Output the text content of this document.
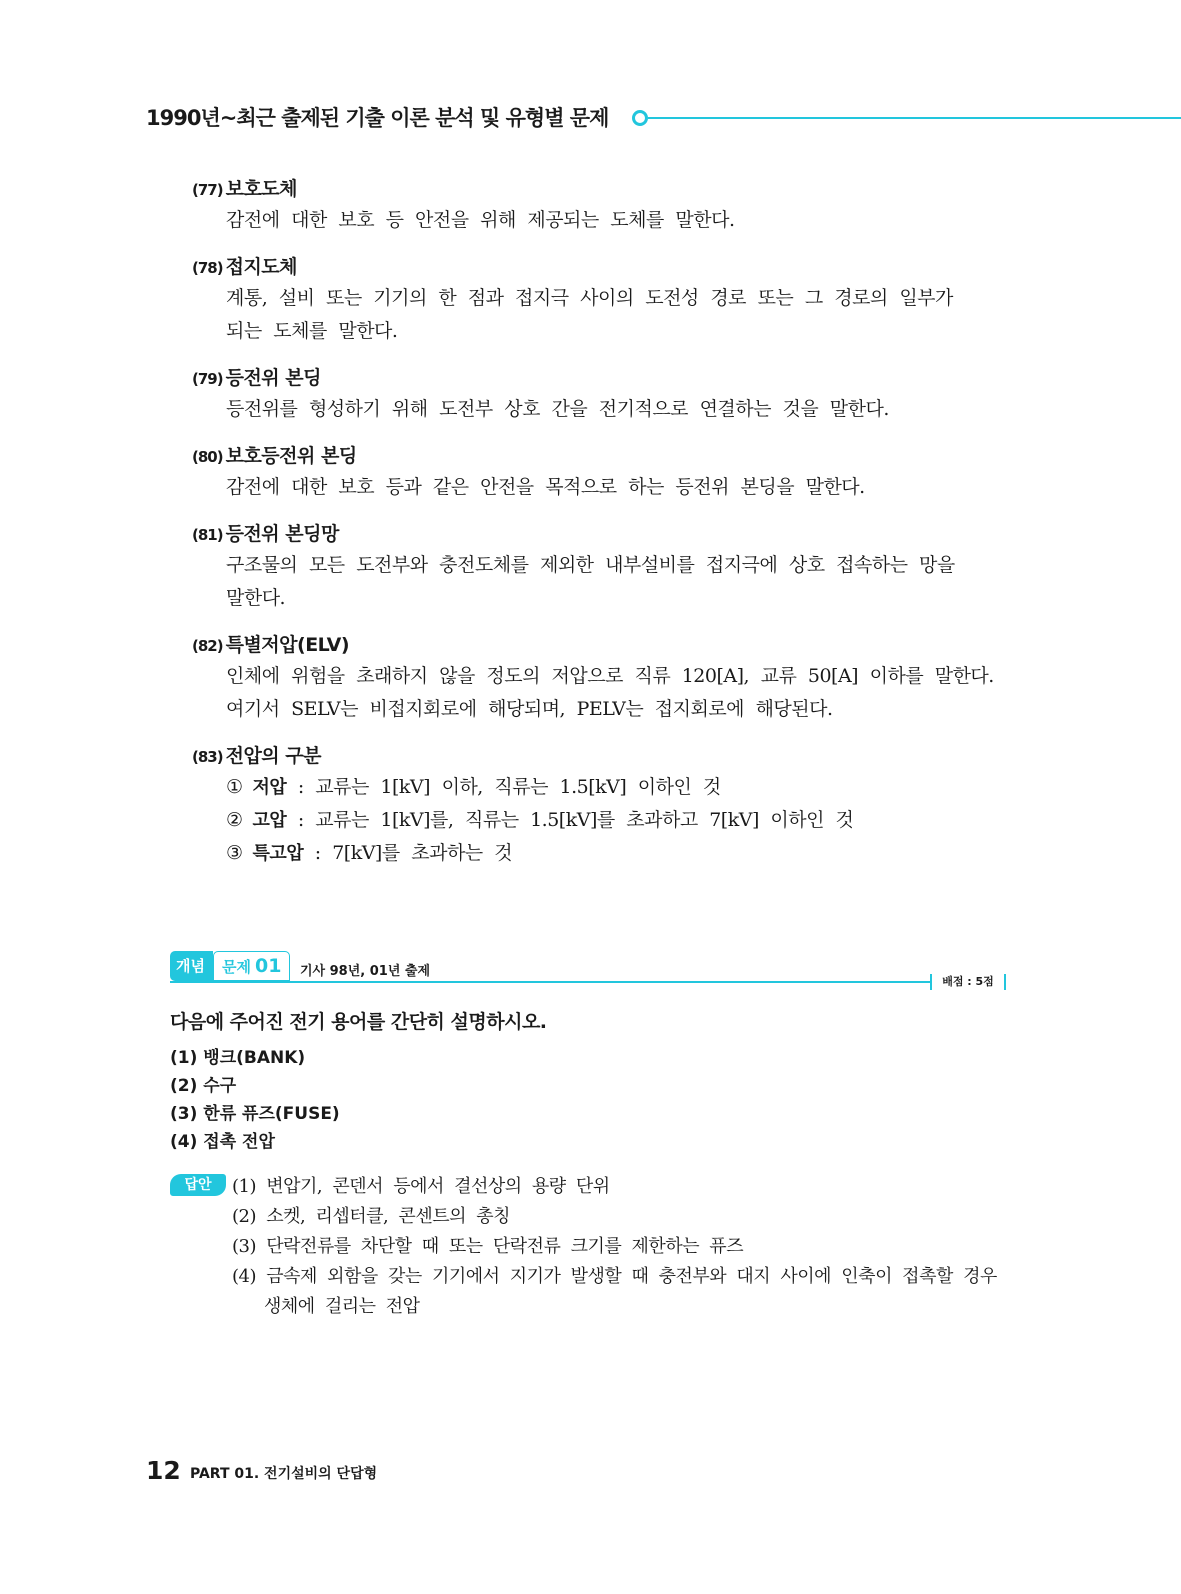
1990년~최근 출제된 기출 이론 분석 및 유형별 문제
(77) 보호도체
감전에 대한 보호 등 안전을 위해 제공되는 도체를 말한다.
(78) 접지도체
계통, 설비 또는 기기의 한 점과 접지극 사이의 도전성 경로 또는 그 경로의 일부가
되는 도체를 말한다.
(79) 등전위 본딩
등전위를 형성하기 위해 도전부 상호 간을 전기적으로 연결하는 것을 말한다.
(80) 보호등전위 본딩
감전에 대한 보호 등과 같은 안전을 목적으로 하는 등전위 본딩을 말한다.
(81) 등전위 본딩망
구조물의 모든 도전부와 충전도체를 제외한 내부설비를 접지극에 상호 접속하는 망을
말한다.
(82) 특별저압(ELV)
인체에 위험을 초래하지 않을 정도의 저압으로 직류 120[A], 교류 50[A] 이하를 말한다.
여기서 SELV는 비접지회로에 해당되며, PELV는 접지회로에 해당된다.
(83) 전압의 구분
① 저압 : 교류는 1[kV] 이하, 직류는 1.5[kV] 이하인 것
② 고압 : 교류는 1[kV]를, 직류는 1.5[kV]를 초과하고 7[kV] 이하인 것
③ 특고압 : 7[kV]를 초과하는 것
개념	문제 01	기사 98년, 01년 출제
배점 : 5점
다음에 주어진 전기 용어를 간단히 설명하시오.
(1) 뱅크(BANK)
(2) 수구
(3) 한류 퓨즈(FUSE)
(4) 접촉 전압
답안	(1) 변압기, 콘덴서 등에서 결선상의 용량 단위
(2) 소켓, 리셉터클, 콘센트의 총칭
(3) 단락전류를 차단할 때 또는 단락전류 크기를 제한하는 퓨즈
(4) 금속제 외함을 갖는 기기에서 지기가 발생할 때 충전부와 대지 사이에 인축이 접촉할 경우 생체에 걸리는 전압
12 PART 01. 전기설비의 단답형
